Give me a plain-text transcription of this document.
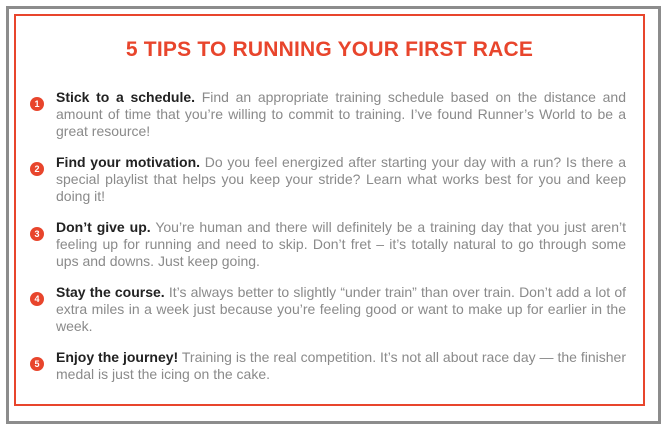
5 TIPS TO RUNNING YOUR FIRST RACE
1	Stick to a schedule. Find an appropriate training schedule based on the distance and amount of time that you’re willing to commit to training. I’ve found Runner’s World to be a great resource!
2	Find your motivation. Do you feel energized after starting your day with a run? Is there a special playlist that helps you keep your stride? Learn what works best for you and keep doing it!
3	Don’t give up. You’re human and there will definitely be a training day that you just aren’t feeling up for running and need to skip. Don’t fret – it’s totally natural to go through some ups and downs. Just keep going.
4	Stay the course. It’s always better to slightly “under train” than over train. Don’t add a lot of extra miles in a week just because you’re feeling good or want to make up for earlier in the week.
5	Enjoy the journey! Training is the real competition. It’s not all about race day — the finisher medal is just the icing on the cake.
